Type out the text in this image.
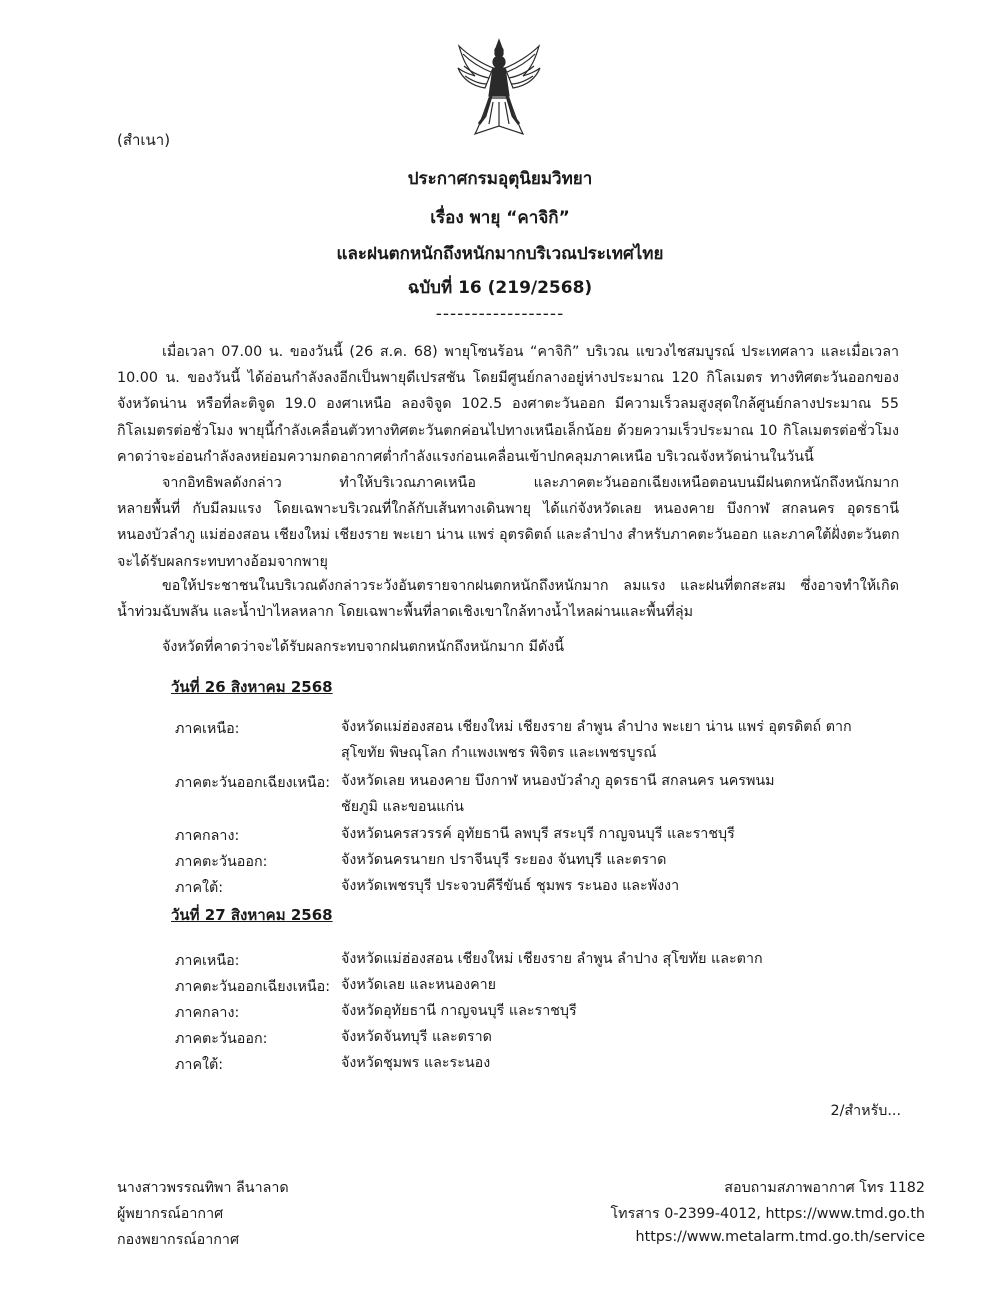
(สำเนา)
ประกาศกรมอุตุนิยมวิทยา
เรื่อง พายุ “คาจิกิ”
และฝนตกหนักถึงหนักมากบริเวณประเทศไทย
ฉบับที่ 16 (219/2568)
------------------
เมื่อเวลา 07.00 น. ของวันนี้ (26 ส.ค. 68) พายุโซนร้อน “คาจิกิ” บริเวณ แขวงไชสมบูรณ์ ประเทศลาว และเมื่อเวลา
10.00 น. ของวันนี้ ได้อ่อนกำลังลงอีกเป็นพายุดีเปรสชัน โดยมีศูนย์กลางอยู่ห่างประมาณ 120 กิโลเมตร ทางทิศตะวันออกของ
จังหวัดน่าน หรือที่ละติจูด 19.0 องศาเหนือ ลองจิจูด 102.5 องศาตะวันออก มีความเร็วลมสูงสุดใกล้ศูนย์กลางประมาณ 55
กิโลเมตรต่อชั่วโมง พายุนี้กำลังเคลื่อนตัวทางทิศตะวันตกค่อนไปทางเหนือเล็กน้อย ด้วยความเร็วประมาณ 10 กิโลเมตรต่อชั่วโมง
คาดว่าจะอ่อนกำลังลงหย่อมความกดอากาศต่ำกำลังแรงก่อนเคลื่อนเข้าปกคลุมภาคเหนือ บริเวณจังหวัดน่านในวันนี้
จากอิทธิพลดังกล่าว ทำให้บริเวณภาคเหนือ และภาคตะวันออกเฉียงเหนือตอนบนมีฝนตกหนักถึงหนักมาก
หลายพื้นที่ กับมีลมแรง โดยเฉพาะบริเวณที่ใกล้กับเส้นทางเดินพายุ ได้แก่จังหวัดเลย หนองคาย บึงกาฬ สกลนคร อุดรธานี
หนองบัวลำภู แม่ฮ่องสอน เชียงใหม่ เชียงราย พะเยา น่าน แพร่ อุตรดิตถ์ และลำปาง สำหรับภาคตะวันออก และภาคใต้ฝั่งตะวันตก
จะได้รับผลกระทบทางอ้อมจากพายุ
ขอให้ประชาชนในบริเวณดังกล่าวระวังอันตรายจากฝนตกหนักถึงหนักมาก ลมแรง และฝนที่ตกสะสม ซึ่งอาจทำให้เกิด
น้ำท่วมฉับพลัน และน้ำป่าไหลหลาก โดยเฉพาะพื้นที่ลาดเชิงเขาใกล้ทางน้ำไหลผ่านและพื้นที่ลุ่ม
จังหวัดที่คาดว่าจะได้รับผลกระทบจากฝนตกหนักถึงหนักมาก มีดังนี้
วันที่ 26 สิงหาคม 2568
ภาคเหนือ:	จังหวัดแม่ฮ่องสอน เชียงใหม่ เชียงราย ลำพูน ลำปาง พะเยา น่าน แพร่ อุตรดิตถ์ ตาก
สุโขทัย พิษณุโลก กำแพงเพชร พิจิตร และเพชรบูรณ์
ภาคตะวันออกเฉียงเหนือ: จังหวัดเลย หนองคาย บึงกาฬ หนองบัวลำภู อุดรธานี สกลนคร นครพนม
ชัยภูมิ และขอนแก่น
ภาคกลาง:	จังหวัดนครสวรรค์ อุทัยธานี ลพบุรี สระบุรี กาญจนบุรี และราชบุรี
ภาคตะวันออก:	จังหวัดนครนายก ปราจีนบุรี ระยอง จันทบุรี และตราด
ภาคใต้:	จังหวัดเพชรบุรี ประจวบคีรีขันธ์ ชุมพร ระนอง และพังงา
วันที่ 27 สิงหาคม 2568
ภาคเหนือ:	จังหวัดแม่ฮ่องสอน เชียงใหม่ เชียงราย ลำพูน ลำปาง สุโขทัย และตาก
ภาคตะวันออกเฉียงเหนือ: จังหวัดเลย และหนองคาย
ภาคกลาง:	จังหวัดอุทัยธานี กาญจนบุรี และราชบุรี
ภาคตะวันออก:	จังหวัดจันทบุรี และตราด
ภาคใต้:	จังหวัดชุมพร และระนอง
2/สำหรับ...
นางสาวพรรณทิพา ลีนาลาด
ผู้พยากรณ์อากาศ
กองพยากรณ์อากาศ
สอบถามสภาพอากาศ โทร 1182
โทรสาร 0-2399-4012, https://www.tmd.go.th
https://www.metalarm.tmd.go.th/service
